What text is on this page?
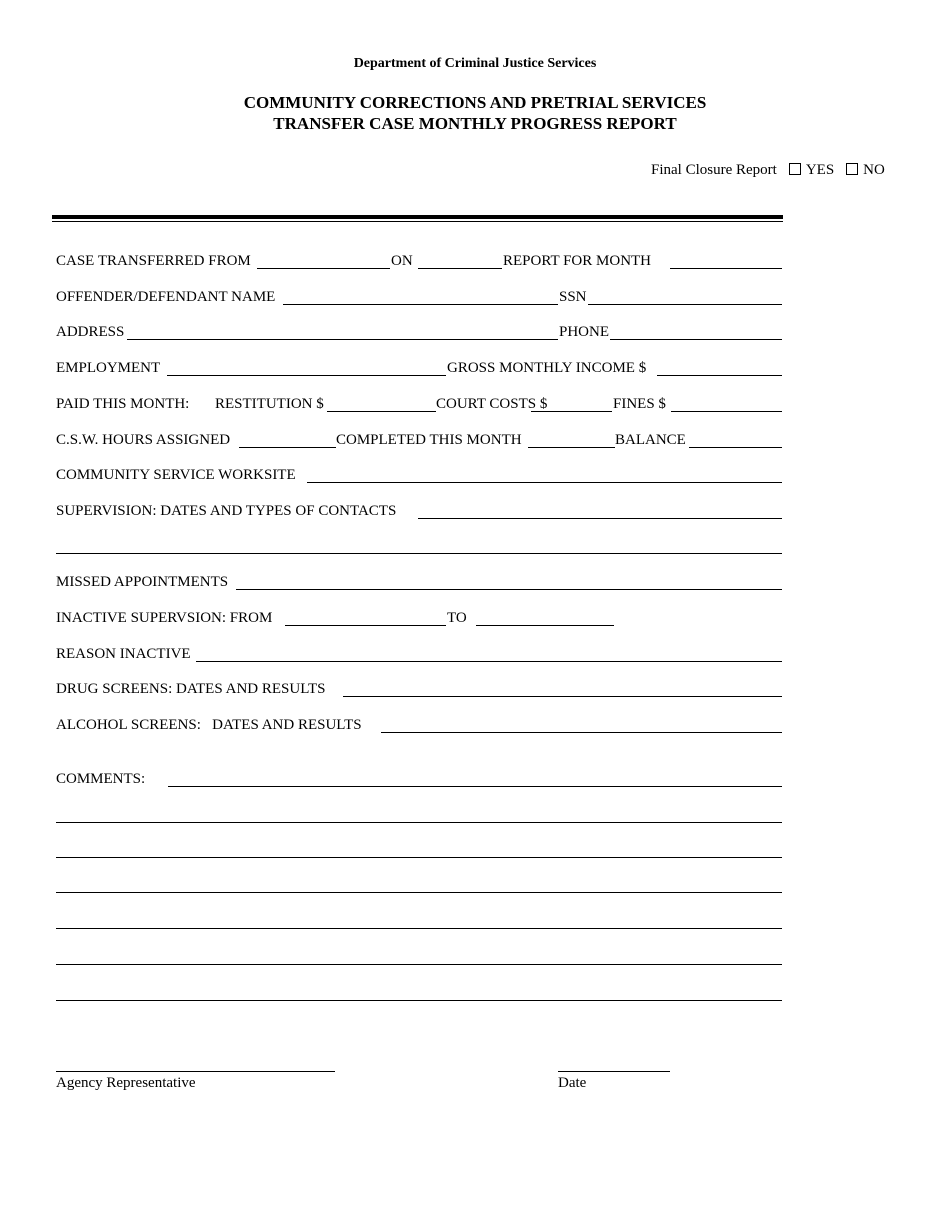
Department of Criminal Justice Services
COMMUNITY CORRECTIONS AND PRETRIAL SERVICES
TRANSFER CASE MONTHLY PROGRESS REPORT
Final Closure Report YES NO
CASE TRANSFERRED FROM	ON	REPORT FOR MONTH
OFFENDER/DEFENDANT NAME	SSN
ADDRESS	PHONE
EMPLOYMENT	GROSS MONTHLY INCOME $
PAID THIS MONTH: RESTITUTION $	COURT COSTS $	FINES $
C.S.W. HOURS ASSIGNED	COMPLETED THIS MONTH	BALANCE
COMMUNITY SERVICE WORKSITE
SUPERVISION: DATES AND TYPES OF CONTACTS
MISSED APPOINTMENTS
INACTIVE SUPERVSION: FROM	TO
REASON INACTIVE
DRUG SCREENS: DATES AND RESULTS
ALCOHOL SCREENS:   DATES AND RESULTS
COMMENTS:
Agency Representative	Date
